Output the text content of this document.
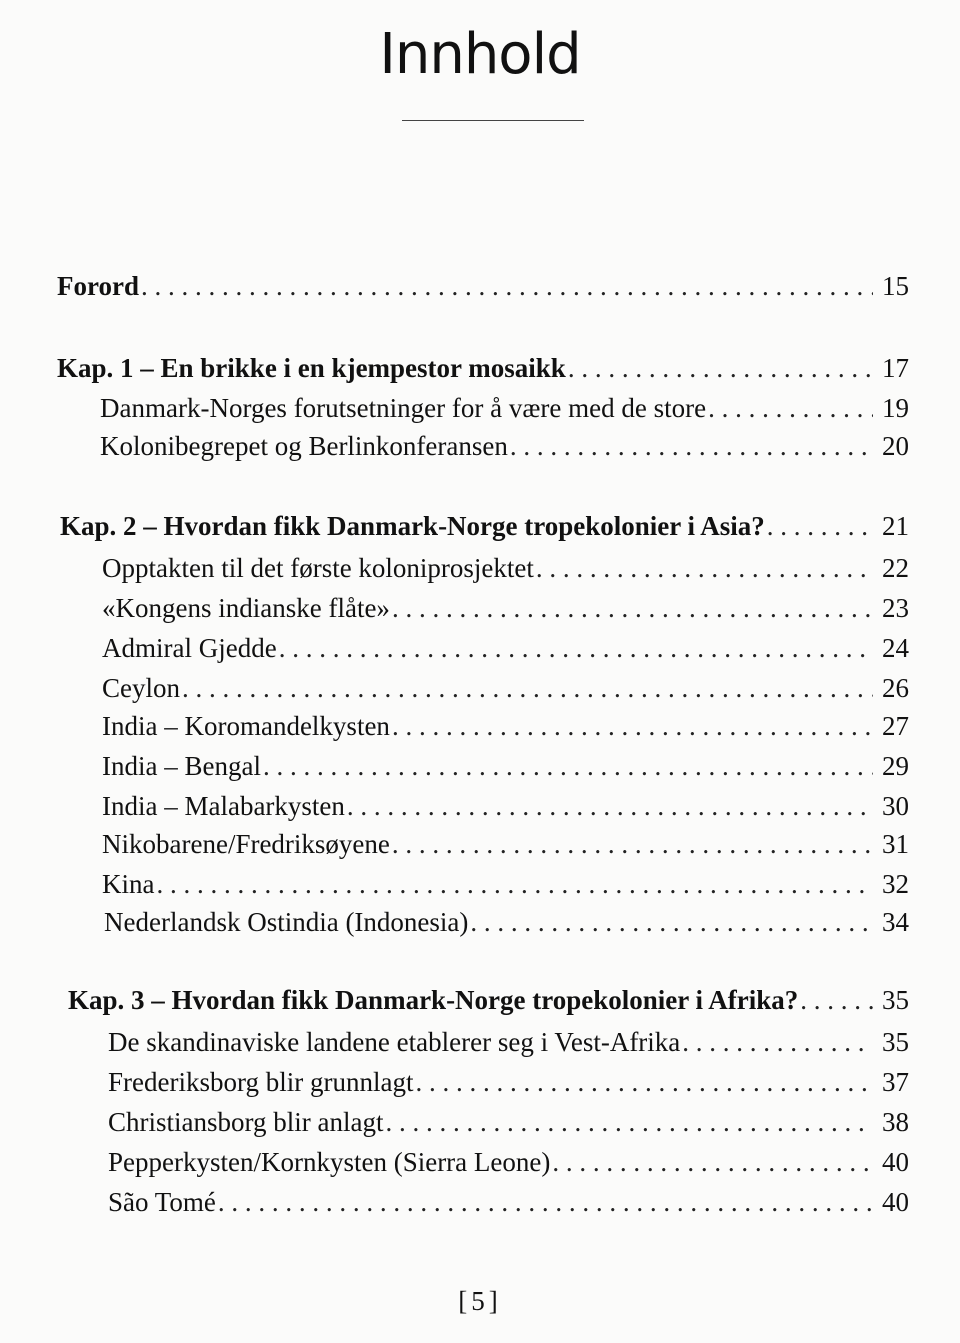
Innhold
Forord . . .	15
Kap. 1 – En brikke i en kjempestor mosaikk . . .	17
Danmark-Norges forutsetninger for å være med de store . . .	19
Kolonibegrepet og Berlinkonferansen . . .	20
Kap. 2 – Hvordan fikk Danmark-Norge tropekolonier i Asia? . . .	21
Opptakten til det første koloniprosjektet . . .	22
«Kongens indianske flåte» . . .	23
Admiral Gjedde . . .	24
Ceylon . . .	26
India – Koromandelkysten . . .	27
India – Bengal . . .	29
India – Malabarkysten . . .	30
Nikobarene/Fredriksøyene . . .	31
Kina . . .	32
Nederlandsk Ostindia (Indonesia) . . .	34
Kap. 3 – Hvordan fikk Danmark-Norge tropekolonier i Afrika? . . .	35
De skandinaviske landene etablerer seg i Vest-Afrika . . .	35
Frederiksborg blir grunnlagt . . .	37
Christiansborg blir anlagt . . .	38
Pepperkysten/Kornkysten (Sierra Leone) . . .	40
São Tomé . . .	40
[5]
